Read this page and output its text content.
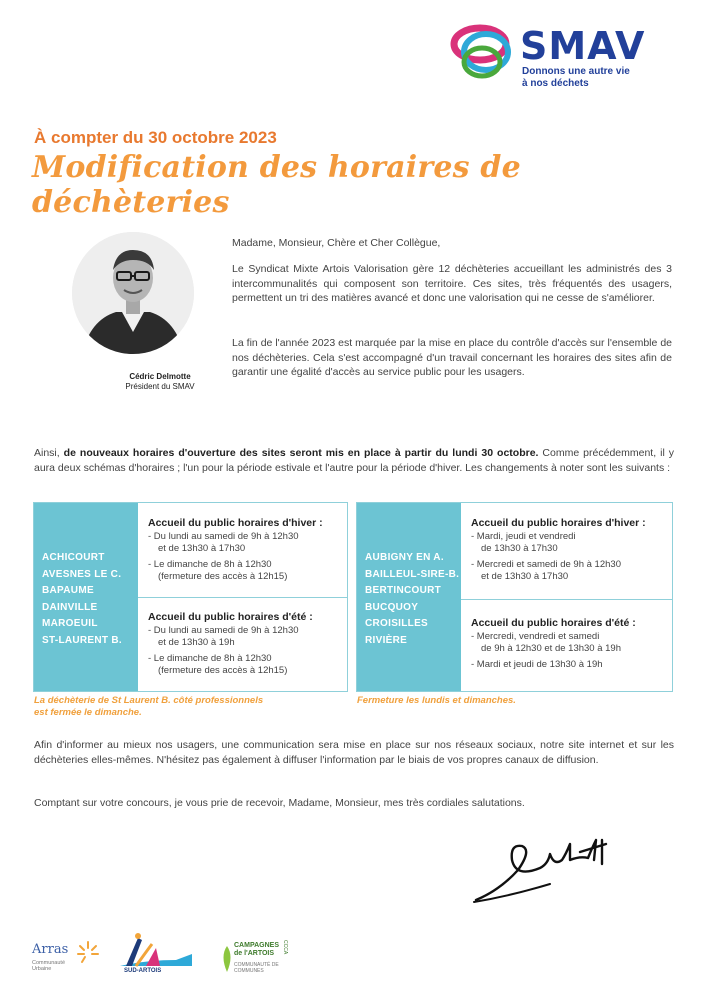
SMAV
Donnons une autre vie
à nos déchets
À compter du 30 octobre 2023
Modification des horaires de déchèteries
Cédric Delmotte
Président du SMAV
Madame, Monsieur, Chère et Cher Collègue,
Le Syndicat Mixte Artois Valorisation gère 12 déchèteries accueillant les administrés des 3 intercommunalités qui composent son territoire. Ces sites, très fréquentés des usagers, permettent un tri des matières avancé et donc une valorisation qui ne cesse de s'améliorer.
La fin de l'année 2023 est marquée par la mise en place du contrôle d'accès sur l'ensemble de nos déchèteries. Cela s'est accompagné d'un travail concernant les horaires des sites afin de garantir une égalité d'accès au service public pour les usagers.
Ainsi, de nouveaux horaires d'ouverture des sites seront mis en place à partir du lundi 30 octobre. Comme précédemment, il y aura deux schémas d'horaires ; l'un pour la période estivale et l'autre pour la période d'hiver. Les changements à noter sont les suivants :
ACHICOURT
AVESNES LE C.
BAPAUME
DAINVILLE
MAROEUIL
ST-LAURENT B.
Accueil du public horaires d'hiver :
- Du lundi au samedi de 9h à 12h30
et de 13h30 à 17h30
- Le dimanche de 8h à 12h30
(fermeture des accès à 12h15)
Accueil du public horaires d'été :
- Du lundi au samedi de 9h à 12h30
et de 13h30 à 19h
- Le dimanche de 8h à 12h30
(fermeture des accès à 12h15)
AUBIGNY EN A.
BAILLEUL-SIRE-B.
BERTINCOURT
BUCQUOY
CROISILLES
RIVIÈRE
Accueil du public horaires d'hiver :
- Mardi, jeudi et vendredi
de 13h30 à 17h30
- Mercredi et samedi de 9h à 12h30
et de 13h30 à 17h30
Accueil du public horaires d'été :
- Mercredi, vendredi et samedi
de 9h à 12h30 et de 13h30 à 19h
- Mardi et jeudi de 13h30 à 19h
La déchèterie de St Laurent B. côté professionnels
est fermée le dimanche.
Fermeture les lundis et dimanches.
Afin d'informer au mieux nos usagers, une communication sera mise en place sur nos réseaux sociaux, notre site internet et sur les déchèteries elles-mêmes. N'hésitez pas également à diffuser l'information par le biais de vos propres canaux de diffusion.
Comptant sur votre concours, je vous prie de recevoir, Madame, Monsieur, mes très cordiales salutations.
Arras
Communauté
Urbaine	SUD-ARTOIS
CAMPAGNES
de l'ARTOIS
COMMUNAUTÉ DE COMMUNES
CCCA
